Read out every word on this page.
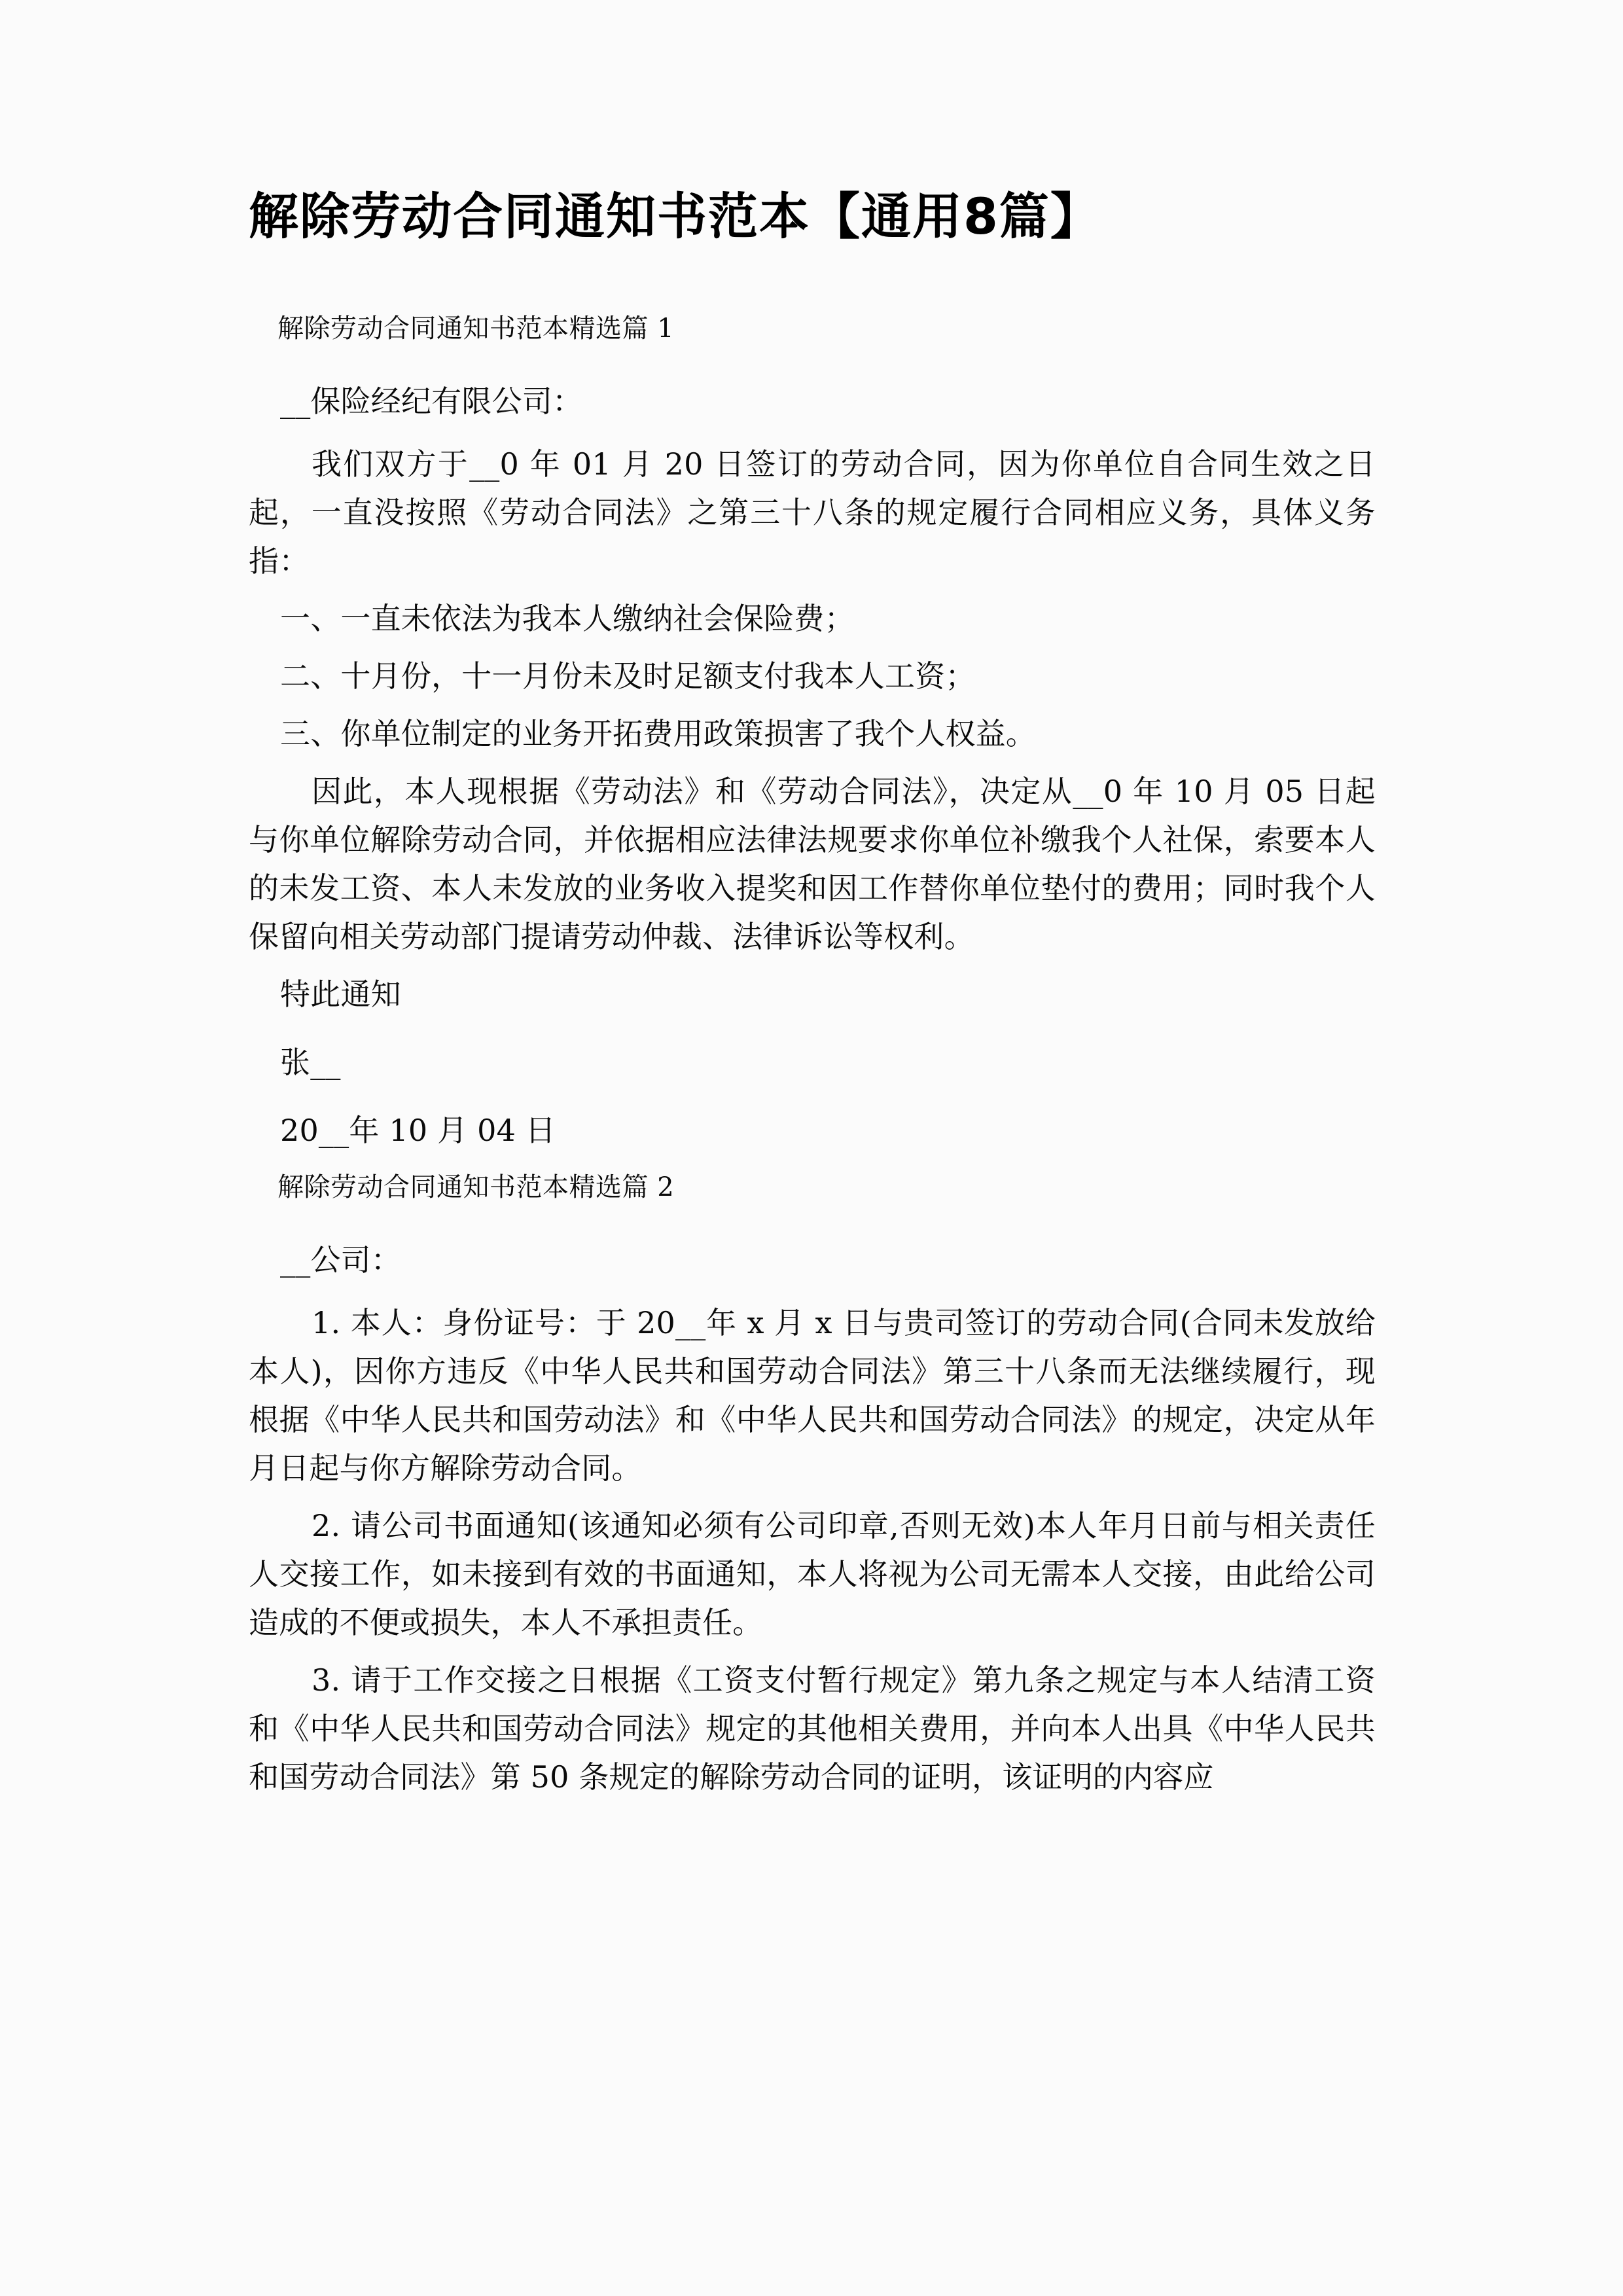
解除劳动合同通知书范本【通用8篇】

解除劳动合同通知书范本精选篇 1

__保险经纪有限公司：

我们双方于__0 年 01 月 20 日签订的劳动合同，因为你单位自合同生效之日起，一直没按照《劳动合同法》之第三十八条的规定履行合同相应义务，具体义务指：

一、一直未依法为我本人缴纳社会保险费；

二、十月份，十一月份未及时足额支付我本人工资；

三、你单位制定的业务开拓费用政策损害了我个人权益。

因此，本人现根据《劳动法》和《劳动合同法》，决定从__0 年 10 月 05 日起与你单位解除劳动合同，并依据相应法律法规要求你单位补缴我个人社保，索要本人的未发工资、本人未发放的业务收入提奖和因工作替你单位垫付的费用；同时我个人保留向相关劳动部门提请劳动仲裁、法律诉讼等权利。

特此通知

张__

20__年 10 月 04 日

解除劳动合同通知书范本精选篇 2

__公司：

1. 本人：身份证号：于 20__年 x 月 x 日与贵司签订的劳动合同(合同未发放给本人)，因你方违反《中华人民共和国劳动合同法》第三十八条而无法继续履行，现根据《中华人民共和国劳动法》和《中华人民共和国劳动合同法》的规定，决定从年月日起与你方解除劳动合同。

2. 请公司书面通知(该通知必须有公司印章,否则无效)本人年月日前与相关责任人交接工作，如未接到有效的书面通知，本人将视为公司无需本人交接，由此给公司造成的不便或损失，本人不承担责任。

3. 请于工作交接之日根据《工资支付暂行规定》第九条之规定与本人结清工资和《中华人民共和国劳动合同法》规定的其他相关费用，并向本人出具《中华人民共和国劳动合同法》第 50 条规定的解除劳动合同的证明，该证明的内容应
